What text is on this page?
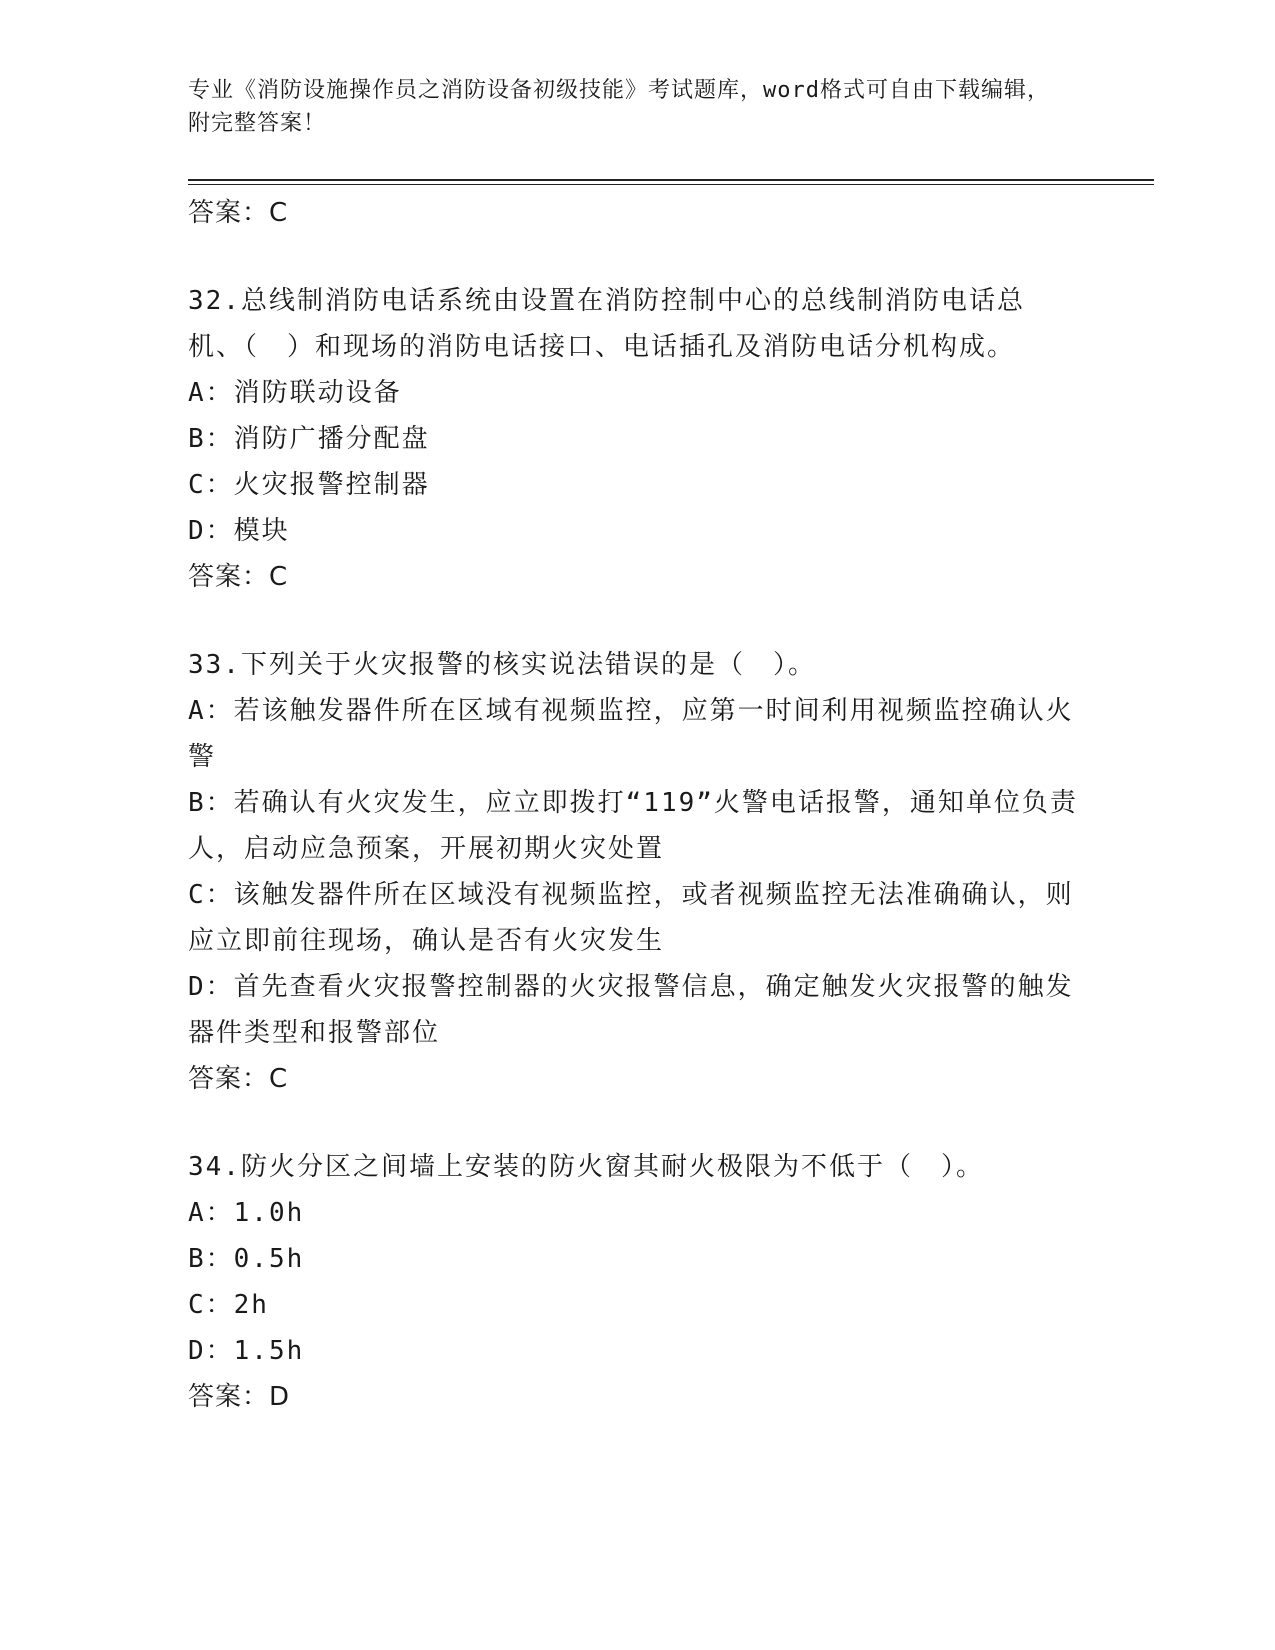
专业《消防设施操作员之消防设备初级技能》考试题库，word格式可自由下载编辑，附完整答案！
答案：C
32.总线制消防电话系统由设置在消防控制中心的总线制消防电话总机、（　）和现场的消防电话接口、电话插孔及消防电话分机构成。
A：消防联动设备
B：消防广播分配盘
C：火灾报警控制器
D：模块
答案：C
33.下列关于火灾报警的核实说法错误的是（　）。
A：若该触发器件所在区域有视频监控，应第一时间利用视频监控确认火警
B：若确认有火灾发生，应立即拨打“119”火警电话报警，通知单位负责人，启动应急预案，开展初期火灾处置
C：该触发器件所在区域没有视频监控，或者视频监控无法准确确认，则应立即前往现场，确认是否有火灾发生
D：首先查看火灾报警控制器的火灾报警信息，确定触发火灾报警的触发器件类型和报警部位
答案：C
34.防火分区之间墙上安装的防火窗其耐火极限为不低于（　）。
A：1.0h
B：0.5h
C：2h
D：1.5h
答案：D
